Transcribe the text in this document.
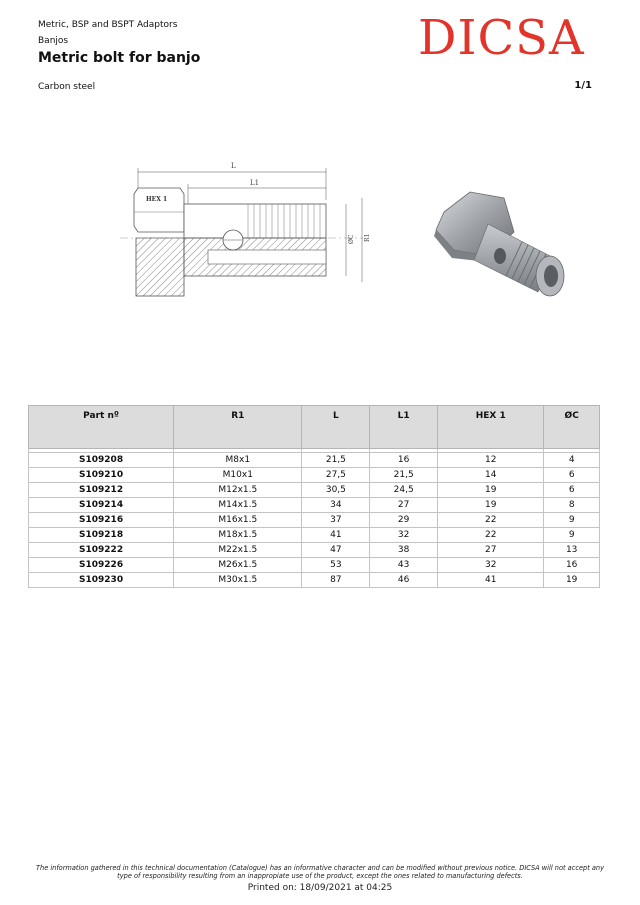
Metric, BSP and BSPT Adaptors
Banjos
Metric bolt for banjo
Carbon steel	1/1
DICSA
L
L1
HEX 1
ØC R1
Part nº	R1	L	L1	HEX 1	ØC

S109208	M8x1	21,5	16	12	4
S109210	M10x1	27,5	21,5	14	6
S109212	M12x1.5	30,5	24,5	19	6
S109214	M14x1.5	34	27	19	8
S109216	M16x1.5	37	29	22	9
S109218	M18x1.5	41	32	22	9
S109222	M22x1.5	47	38	27	13
S109226	M26x1.5	53	43	32	16
S109230	M30x1.5	87	46	41	19
The information gathered in this technical documentation (Catalogue) has an informative character and can be modified without previous notice. DICSA will not accept any type of responsibility resulting from an inappropiate use of the product, except the ones related to manufacturing defects.
Printed on: 18/09/2021 at 04:25
